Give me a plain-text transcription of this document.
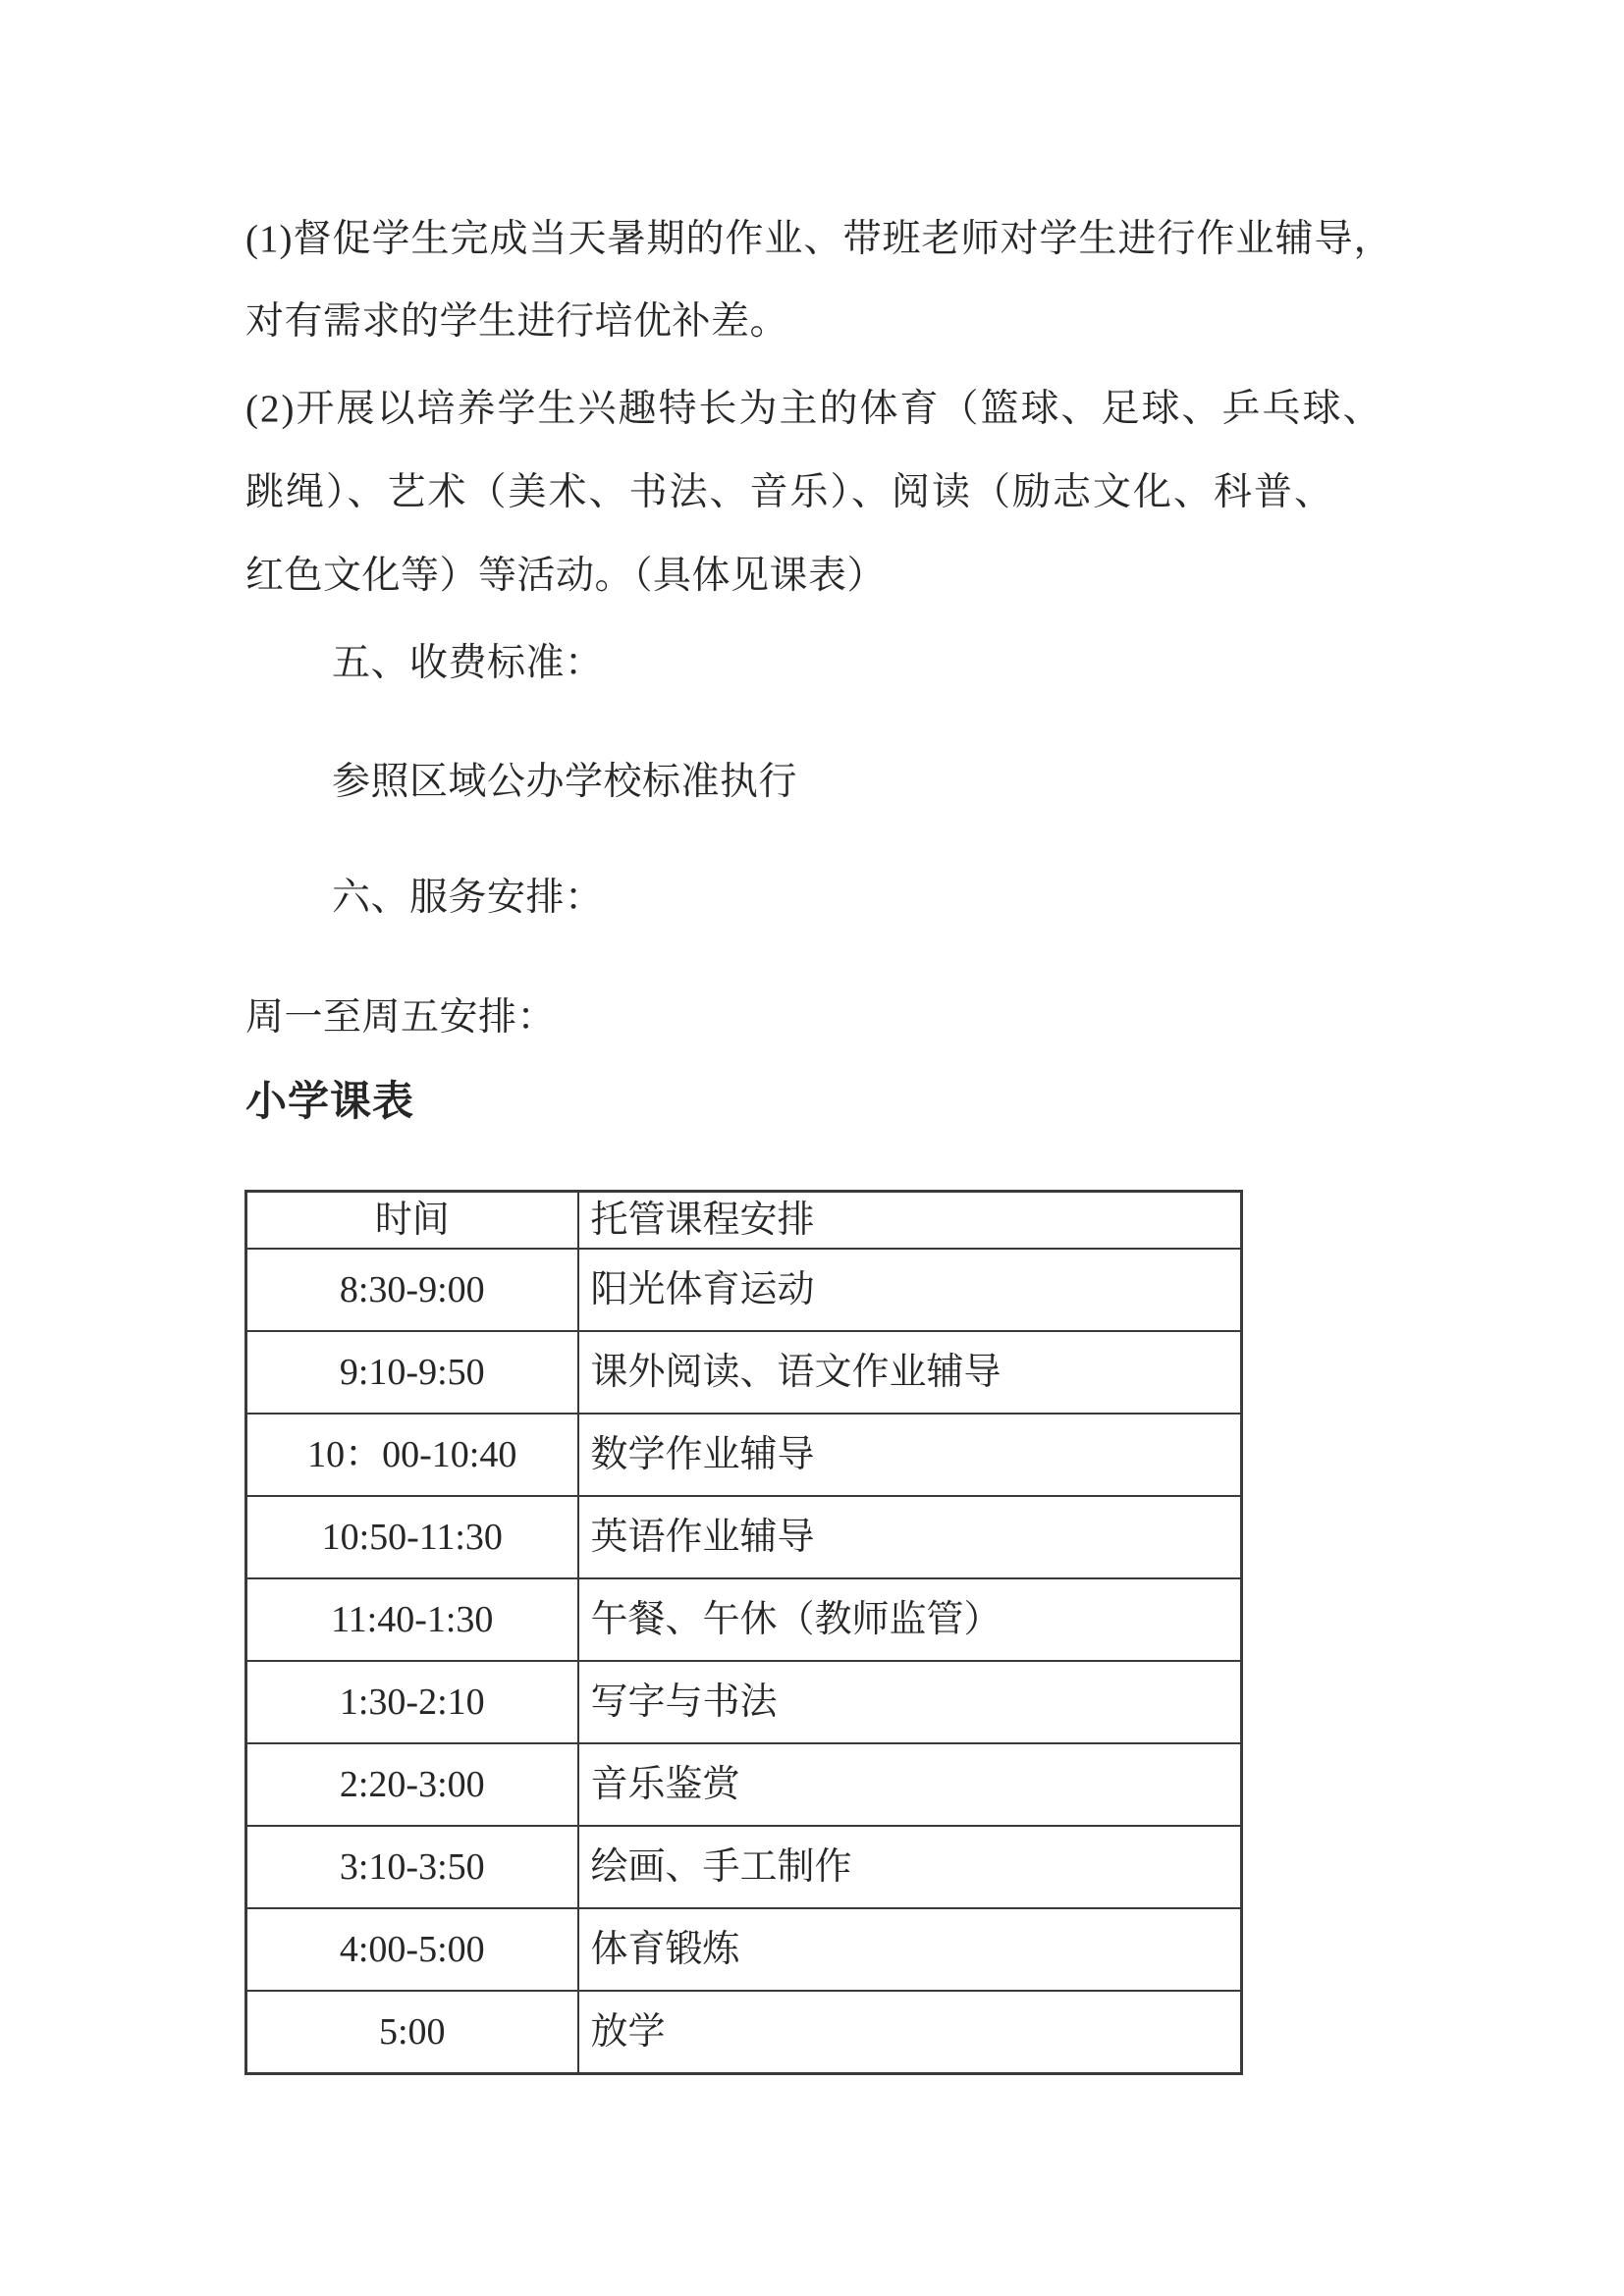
(1)督促学生完成当天暑期的作业、带班老师对学生进行作业辅导，
对有需求的学生进行培优补差。
(2)开展以培养学生兴趣特长为主的体育（篮球、足球、乒乓球、
跳绳）、艺术（美术、书法、音乐）、阅读（励志文化、科普、
红色文化等）等活动。（具体见课表）
五、收费标准：
参照区域公办学校标准执行
六、服务安排：
周一至周五安排：
小学课表
时间	托管课程安排
8:30-9:00	阳光体育运动
9:10-9:50	课外阅读、语文作业辅导
10：00-10:40	数学作业辅导
10:50-11:30	英语作业辅导
11:40-1:30	午餐、午休（教师监管）
1:30-2:10	写字与书法
2:20-3:00	音乐鉴赏
3:10-3:50	绘画、手工制作
4:00-5:00	体育锻炼
5:00	放学
